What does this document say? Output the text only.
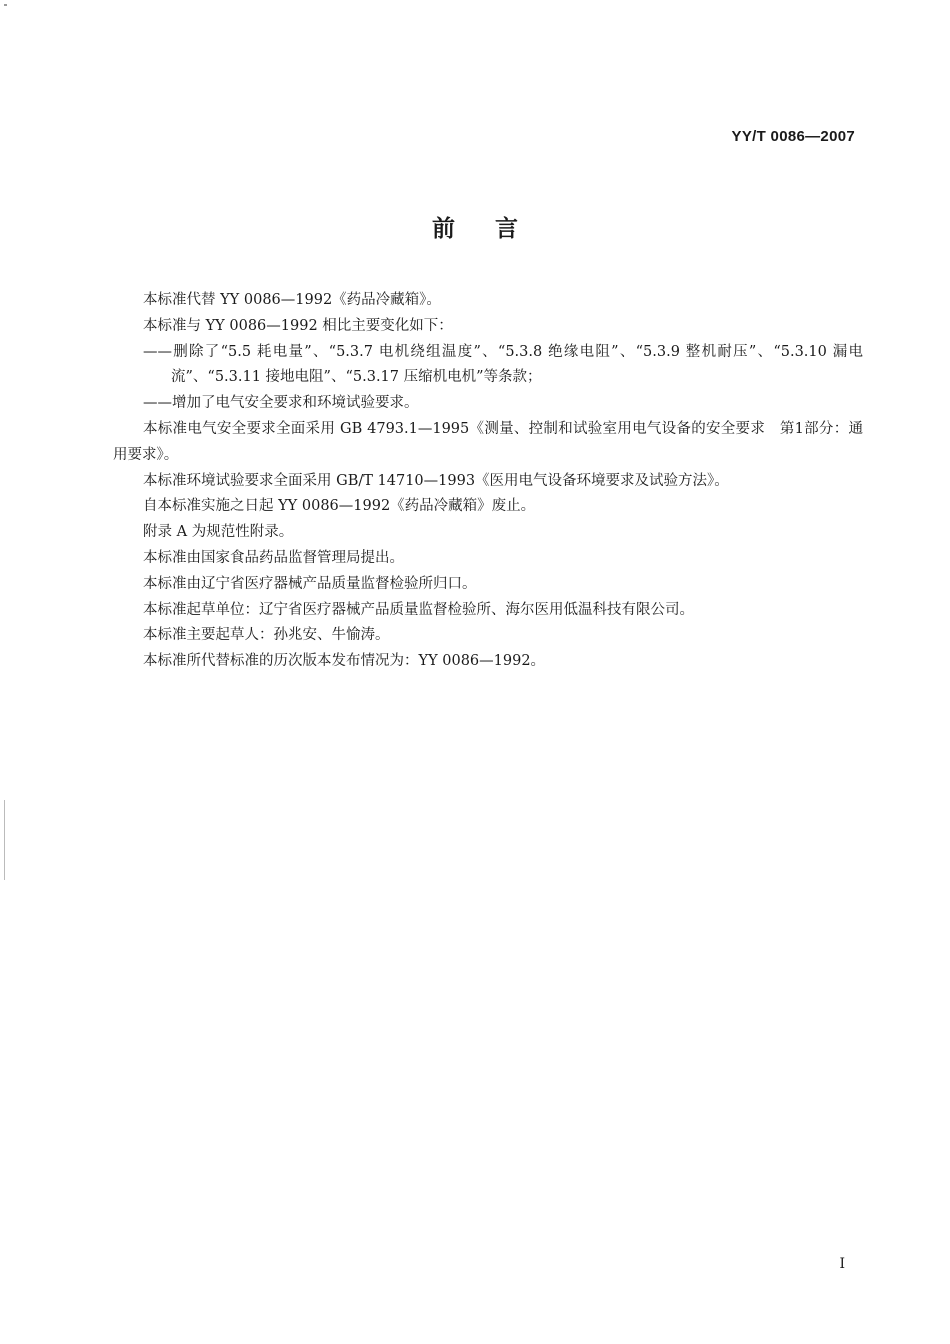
YY/T 0086—2007
前言

本标准代替 YY 0086—1992《药品冷藏箱》。

本标准与 YY 0086—1992 相比主要变化如下：

——删除了“5.5 耗电量”、“5.3.7 电机绕组温度”、“5.3.8 绝缘电阻”、“5.3.9 整机耐压”、“5.3.10 漏电流”、“5.3.11 接地电阻”、“5.3.17 压缩机电机”等条款；

——增加了电气安全要求和环境试验要求。

本标准电气安全要求全面采用 GB 4793.1—1995《测量、控制和试验室用电气设备的安全要求　第1部分：通用要求》。

本标准环境试验要求全面采用 GB/T 14710—1993《医用电气设备环境要求及试验方法》。

自本标准实施之日起 YY 0086—1992《药品冷藏箱》废止。

附录 A 为规范性附录。

本标准由国家食品药品监督管理局提出。

本标准由辽宁省医疗器械产品质量监督检验所归口。

本标准起草单位：辽宁省医疗器械产品质量监督检验所、海尔医用低温科技有限公司。

本标准主要起草人：孙兆安、牛愉涛。

本标准所代替标准的历次版本发布情况为：YY 0086—1992。

I
